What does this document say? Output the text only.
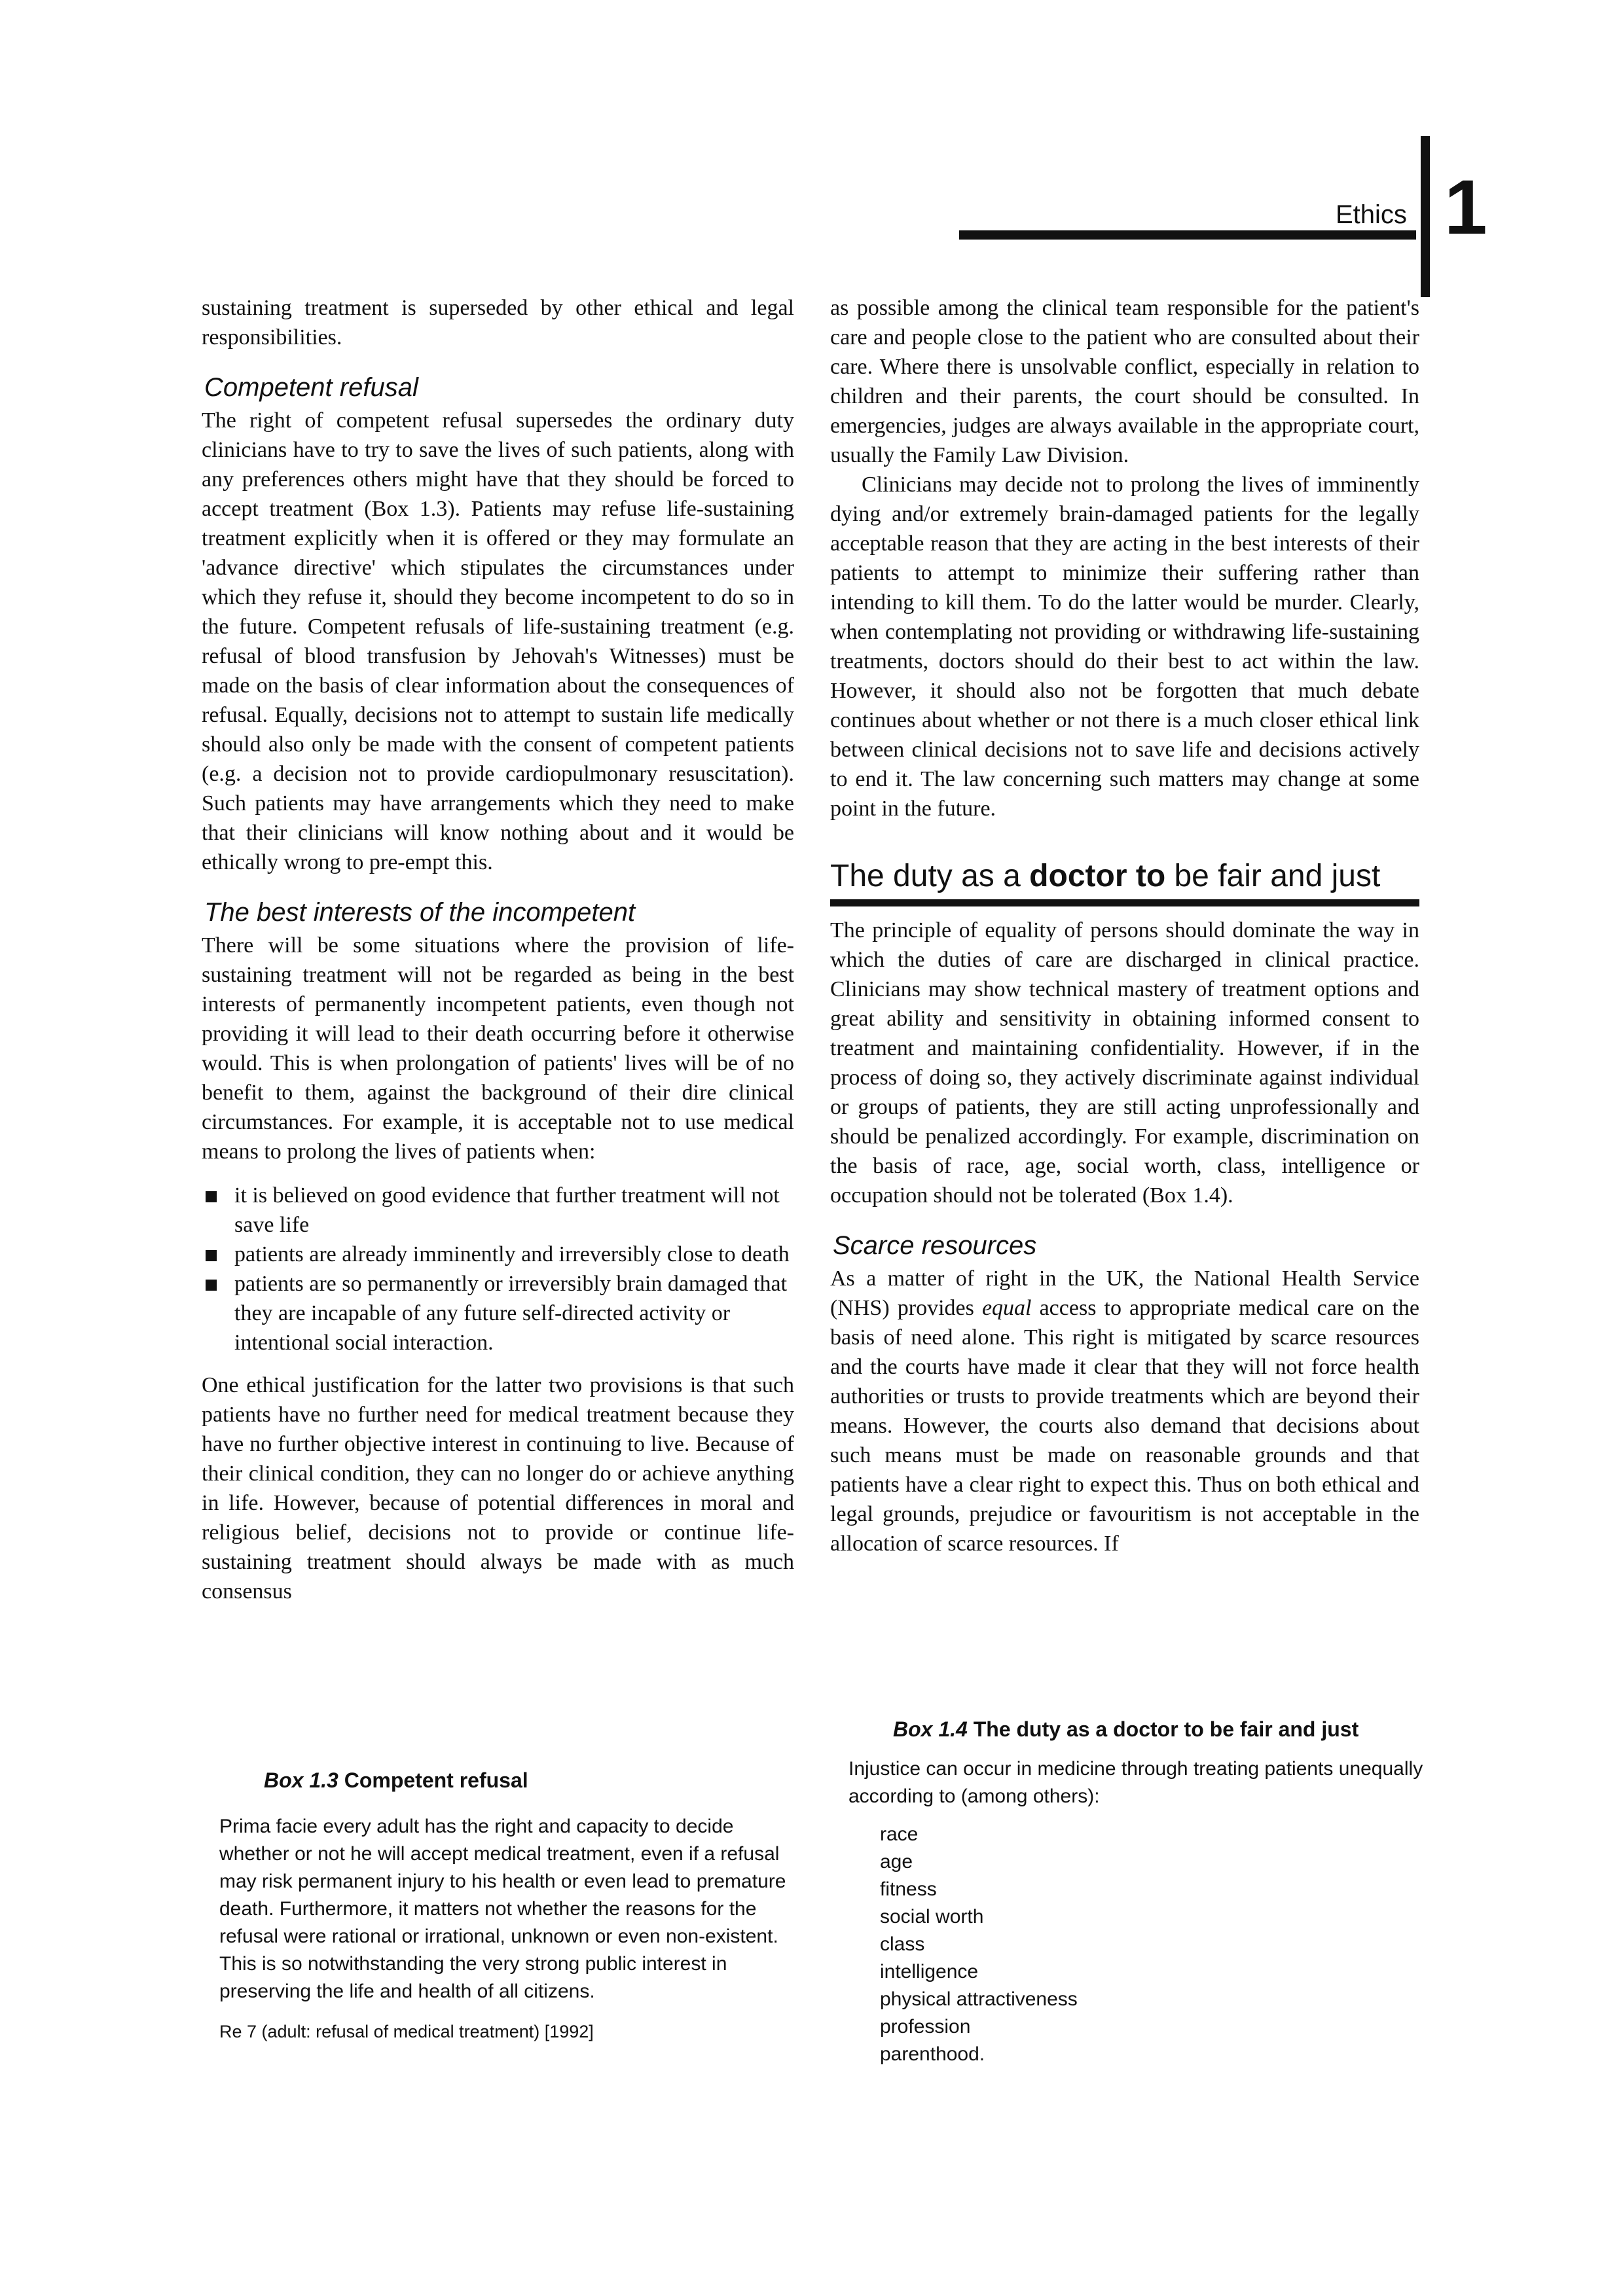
Ethics 1

sustaining treatment is superseded by other ethical and legal responsibilities.

Competent refusal

The right of competent refusal supersedes the ordinary duty clinicians have to try to save the lives of such patients, along with any preferences others might have that they should be forced to accept treatment (Box 1.3). Patients may refuse life-sustaining treatment explicitly when it is offered or they may formulate an 'advance directive' which stipulates the circumstances under which they refuse it, should they become incompetent to do so in the future. Competent refusals of life-sustaining treatment (e.g. refusal of blood transfusion by Jehovah's Witnesses) must be made on the basis of clear information about the consequences of refusal. Equally, decisions not to attempt to sustain life medically should also only be made with the consent of competent patients (e.g. a decision not to provide cardiopulmonary resuscitation). Such patients may have arrangements which they need to make that their clinicians will know nothing about and it would be ethically wrong to pre-empt this.

The best interests of the incompetent

There will be some situations where the provision of life-sustaining treatment will not be regarded as being in the best interests of permanently incompetent patients, even though not providing it will lead to their death occurring before it otherwise would. This is when prolongation of patients' lives will be of no benefit to them, against the background of their dire clinical circumstances. For example, it is acceptable not to use medical means to prolong the lives of patients when:

it is believed on good evidence that further treatment will not save life
patients are already imminently and irreversibly close to death
patients are so permanently or irreversibly brain damaged that they are incapable of any future self-directed activity or intentional social interaction.

One ethical justification for the latter two provisions is that such patients have no further need for medical treatment because they have no further objective interest in continuing to live. Because of their clinical condition, they can no longer do or achieve anything in life. However, because of potential differences in moral and religious belief, decisions not to provide or continue life-sustaining treatment should always be made with as much consensus

as possible among the clinical team responsible for the patient's care and people close to the patient who are consulted about their care. Where there is unsolvable conflict, especially in relation to children and their parents, the court should be consulted. In emergencies, judges are always available in the appropriate court, usually the Family Law Division.

Clinicians may decide not to prolong the lives of imminently dying and/or extremely brain-damaged patients for the legally acceptable reason that they are acting in the best interests of their patients to attempt to minimize their suffering rather than intending to kill them. To do the latter would be murder. Clearly, when contemplating not providing or withdrawing life-sustaining treatments, doctors should do their best to act within the law. However, it should also not be forgotten that much debate continues about whether or not there is a much closer ethical link between clinical decisions not to save life and decisions actively to end it. The law concerning such matters may change at some point in the future.

The duty as a doctor to be fair and just

The principle of equality of persons should dominate the way in which the duties of care are discharged in clinical practice. Clinicians may show technical mastery of treatment options and great ability and sensitivity in obtaining informed consent to treatment and maintaining confidentiality. However, if in the process of doing so, they actively discriminate against individual or groups of patients, they are still acting unprofessionally and should be penalized accordingly. For example, discrimination on the basis of race, age, social worth, class, intelligence or occupation should not be tolerated (Box 1.4).

Scarce resources

As a matter of right in the UK, the National Health Service (NHS) provides equal access to appropriate medical care on the basis of need alone. This right is mitigated by scarce resources and the courts have made it clear that they will not force health authorities or trusts to provide treatments which are beyond their means. However, the courts also demand that decisions about such means must be made on reasonable grounds and that patients have a clear right to expect this. Thus on both ethical and legal grounds, prejudice or favouritism is not acceptable in the allocation of scarce resources. If

Box 1.3 Competent refusal
Prima facie every adult has the right and capacity to decide whether or not he will accept medical treatment, even if a refusal may risk permanent injury to his health or even lead to premature death. Furthermore, it matters not whether the reasons for the refusal were rational or irrational, unknown or even non-existent. This is so notwithstanding the very strong public interest in preserving the life and health of all citizens.
Re 7 (adult: refusal of medical treatment) [1992]
Box 1.4 The duty as a doctor to be fair and just
Injustice can occur in medicine through treating patients unequally according to (among others):
race
age
fitness
social worth
class
intelligence
physical attractiveness
profession
parenthood.
